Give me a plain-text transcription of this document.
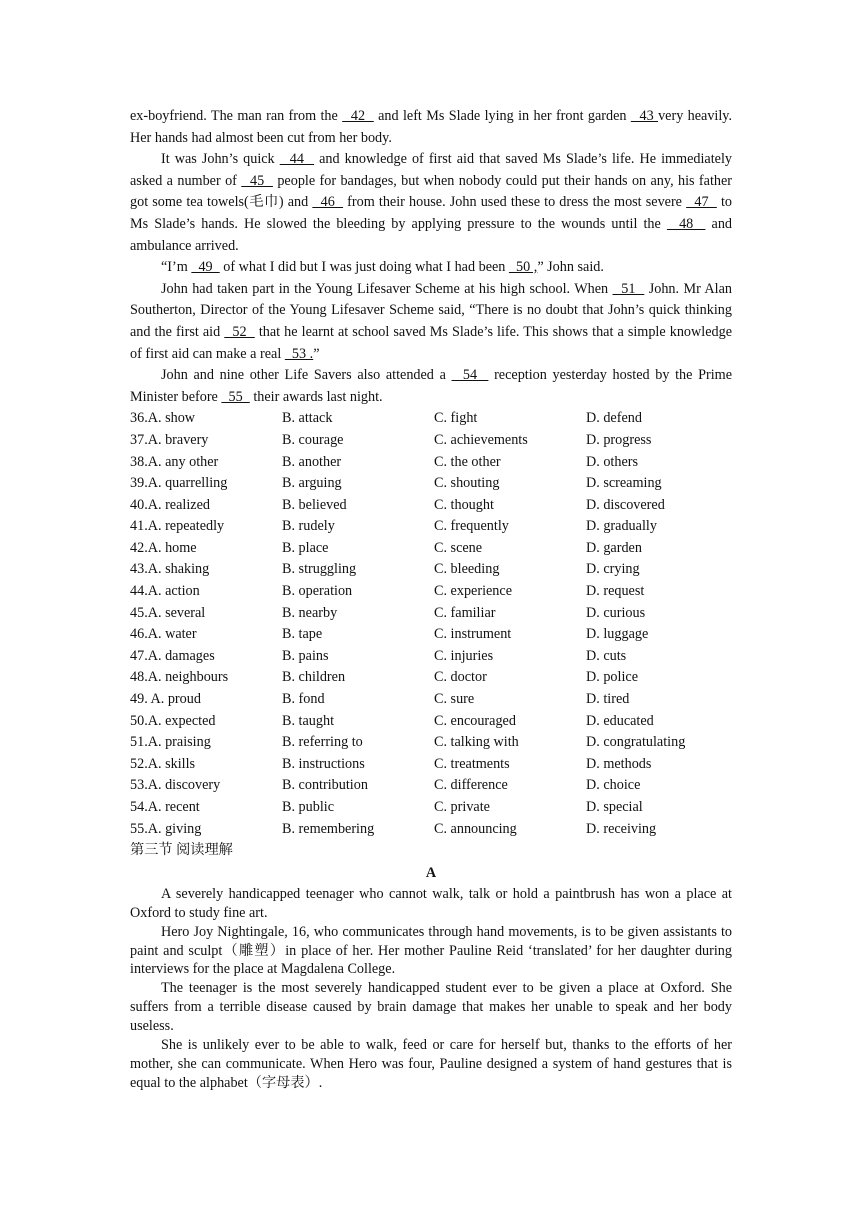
ex-boyfriend. The man ran from the   42   and left Ms Slade lying in her front garden   43 very heavily. Her hands had almost been cut from her body.

It was John’s quick   44   and knowledge of first aid that saved Ms Slade’s life. He immediately asked a number of   45   people for bandages, but when nobody could put their hands on any, his father got some tea towels(毛巾) and   46   from their house. John used these to dress the most severe   47   to Ms Slade’s hands. He slowed the bleeding by applying pressure to the wounds until the   48   and ambulance arrived.

“I’m   49   of what I did but I was just doing what I had been   50 ,” John said.

John had taken part in the Young Lifesaver Scheme at his high school. When   51   John. Mr Alan Southerton, Director of the Young Lifesaver Scheme said, “There is no doubt that John’s quick thinking and the first aid   52   that he learnt at school saved Ms Slade’s life. This shows that a simple knowledge of first aid can make a real   53 .”

John and nine other Life Savers also attended a   54   reception yesterday hosted by the Prime Minister before   55   their awards last night.

36.A. show	B. attack	C. fight	D. defend
37.A. bravery	B. courage	C. achievements	D. progress
38.A. any other	B. another	C. the other	D. others
39.A. quarrelling	B. arguing	C. shouting	D. screaming
40.A. realized	B. believed	C. thought	D. discovered
41.A. repeatedly	B. rudely	C. frequently	D. gradually
42.A. home	B. place	C. scene	D. garden
43.A. shaking	B. struggling	C. bleeding	D. crying
44.A. action	B. operation	C. experience	D. request
45.A. several	B. nearby	C. familiar	D. curious
46.A. water	B. tape	C. instrument	D. luggage
47.A. damages	B. pains	C. injuries	D. cuts
48.A. neighbours	B. children	C. doctor	D. police
49. A. proud	B. fond	C. sure	D. tired
50.A. expected	B. taught	C. encouraged	D. educated
51.A. praising	B. referring to	C. talking with	D. congratulating
52.A. skills	B. instructions	C. treatments	D. methods
53.A. discovery	B. contribution	C. difference	D. choice
54.A. recent	B. public	C. private	D. special
55.A. giving	B. remembering	C. announcing	D. receiving
第三节 阅读理解
A

A severely handicapped teenager who cannot walk, talk or hold a paintbrush has won a place at Oxford to study fine art.

Hero Joy Nightingale, 16, who communicates through hand movements, is to be given assistants to paint and sculpt（雕塑）in place of her. Her mother Pauline Reid ‘translated’ for her daughter during interviews for the place at Magdalena College.

The teenager is the most severely handicapped student ever to be given a place at Oxford. She suffers from a terrible disease caused by brain damage that makes her unable to speak and her body useless.

She is unlikely ever to be able to walk, feed or care for herself but, thanks to the efforts of her mother, she can communicate. When Hero was four, Pauline designed a system of hand gestures that is equal to the alphabet（字母表）.
